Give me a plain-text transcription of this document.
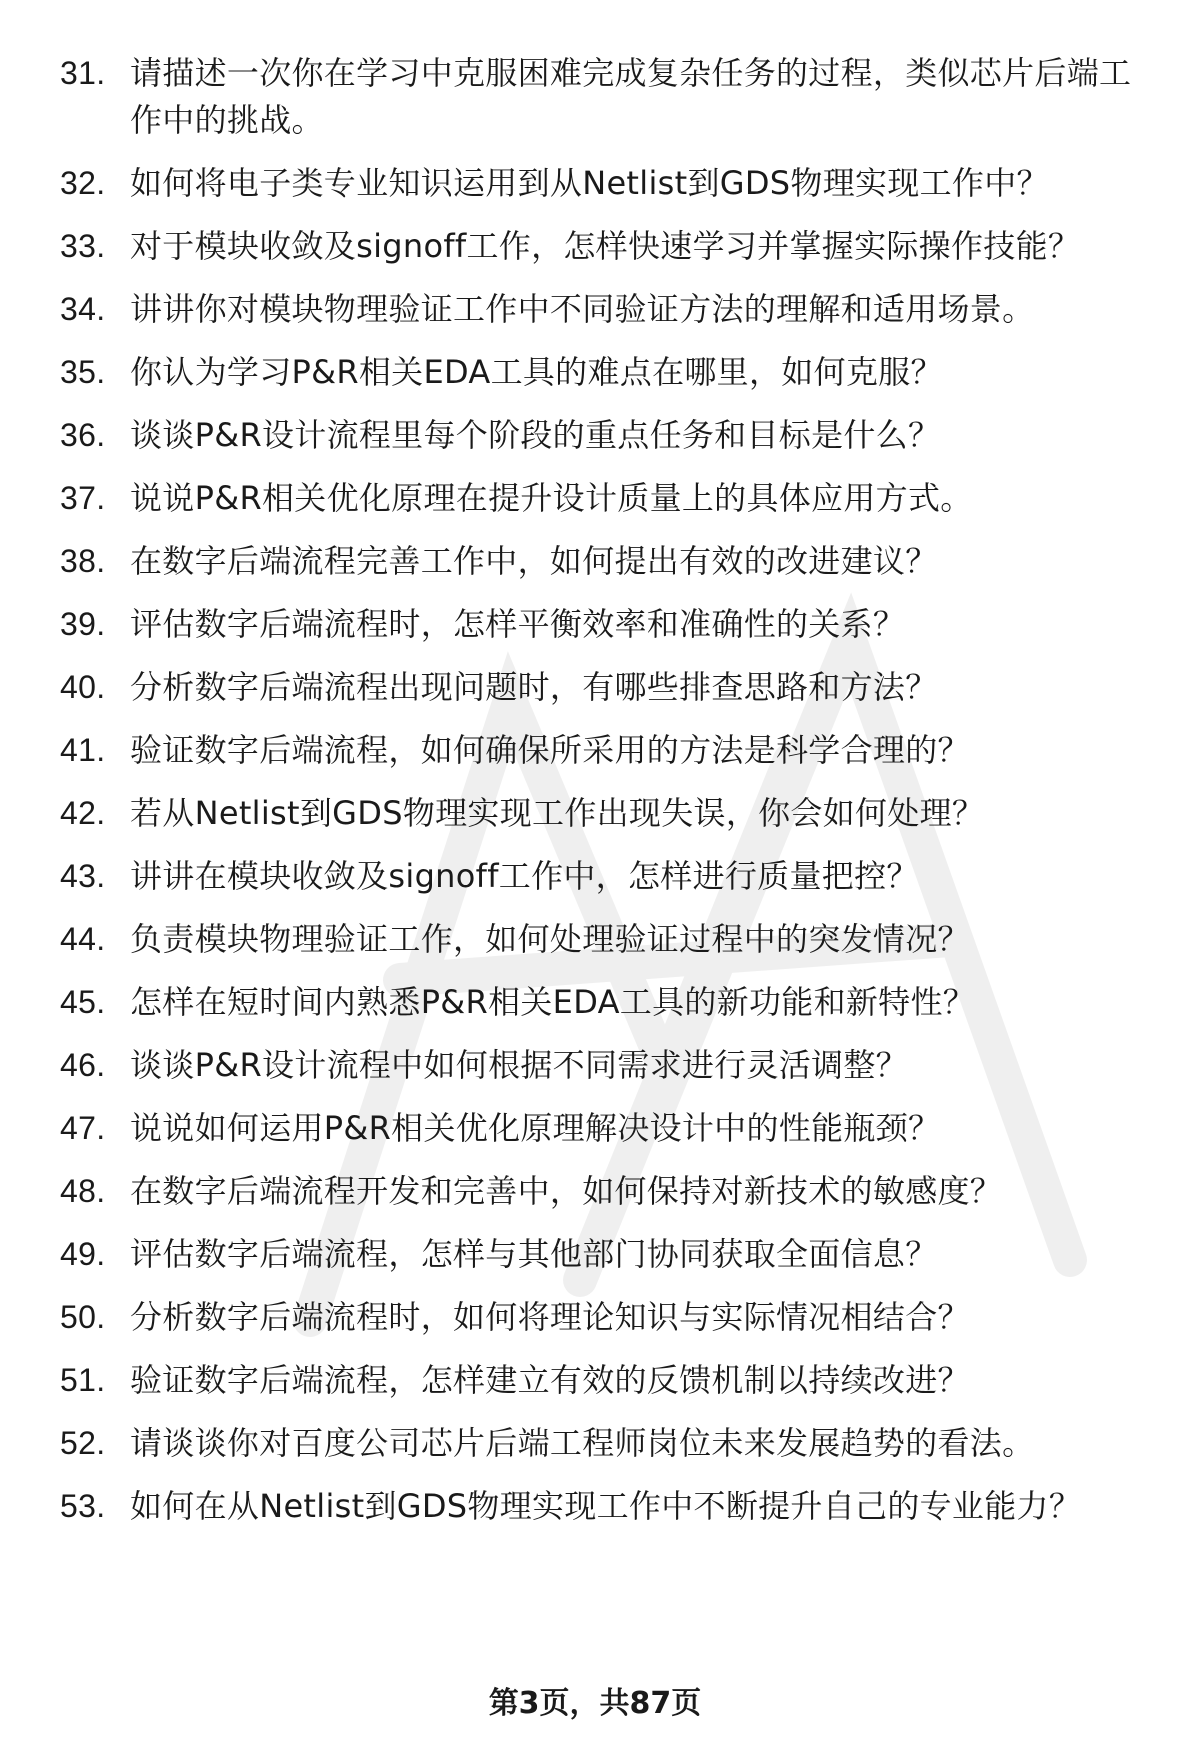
31. 请描述一次你在学习中克服困难完成复杂任务的过程，类似芯片后端工作中的挑战。
32. 如何将电子类专业知识运用到从Netlist到GDS物理实现工作中？
33. 对于模块收敛及signoff工作，怎样快速学习并掌握实际操作技能？
34. 讲讲你对模块物理验证工作中不同验证方法的理解和适用场景。
35. 你认为学习P&R相关EDA工具的难点在哪里，如何克服？
36. 谈谈P&R设计流程里每个阶段的重点任务和目标是什么？
37. 说说P&R相关优化原理在提升设计质量上的具体应用方式。
38. 在数字后端流程完善工作中，如何提出有效的改进建议？
39. 评估数字后端流程时，怎样平衡效率和准确性的关系？
40. 分析数字后端流程出现问题时，有哪些排查思路和方法？
41. 验证数字后端流程，如何确保所采用的方法是科学合理的？
42. 若从Netlist到GDS物理实现工作出现失误，你会如何处理？
43. 讲讲在模块收敛及signoff工作中，怎样进行质量把控？
44. 负责模块物理验证工作，如何处理验证过程中的突发情况？
45. 怎样在短时间内熟悉P&R相关EDA工具的新功能和新特性？
46. 谈谈P&R设计流程中如何根据不同需求进行灵活调整？
47. 说说如何运用P&R相关优化原理解决设计中的性能瓶颈？
48. 在数字后端流程开发和完善中，如何保持对新技术的敏感度？
49. 评估数字后端流程，怎样与其他部门协同获取全面信息？
50. 分析数字后端流程时，如何将理论知识与实际情况相结合？
51. 验证数字后端流程，怎样建立有效的反馈机制以持续改进？
52. 请谈谈你对百度公司芯片后端工程师岗位未来发展趋势的看法。
53. 如何在从Netlist到GDS物理实现工作中不断提升自己的专业能力？
第3页，共87页
